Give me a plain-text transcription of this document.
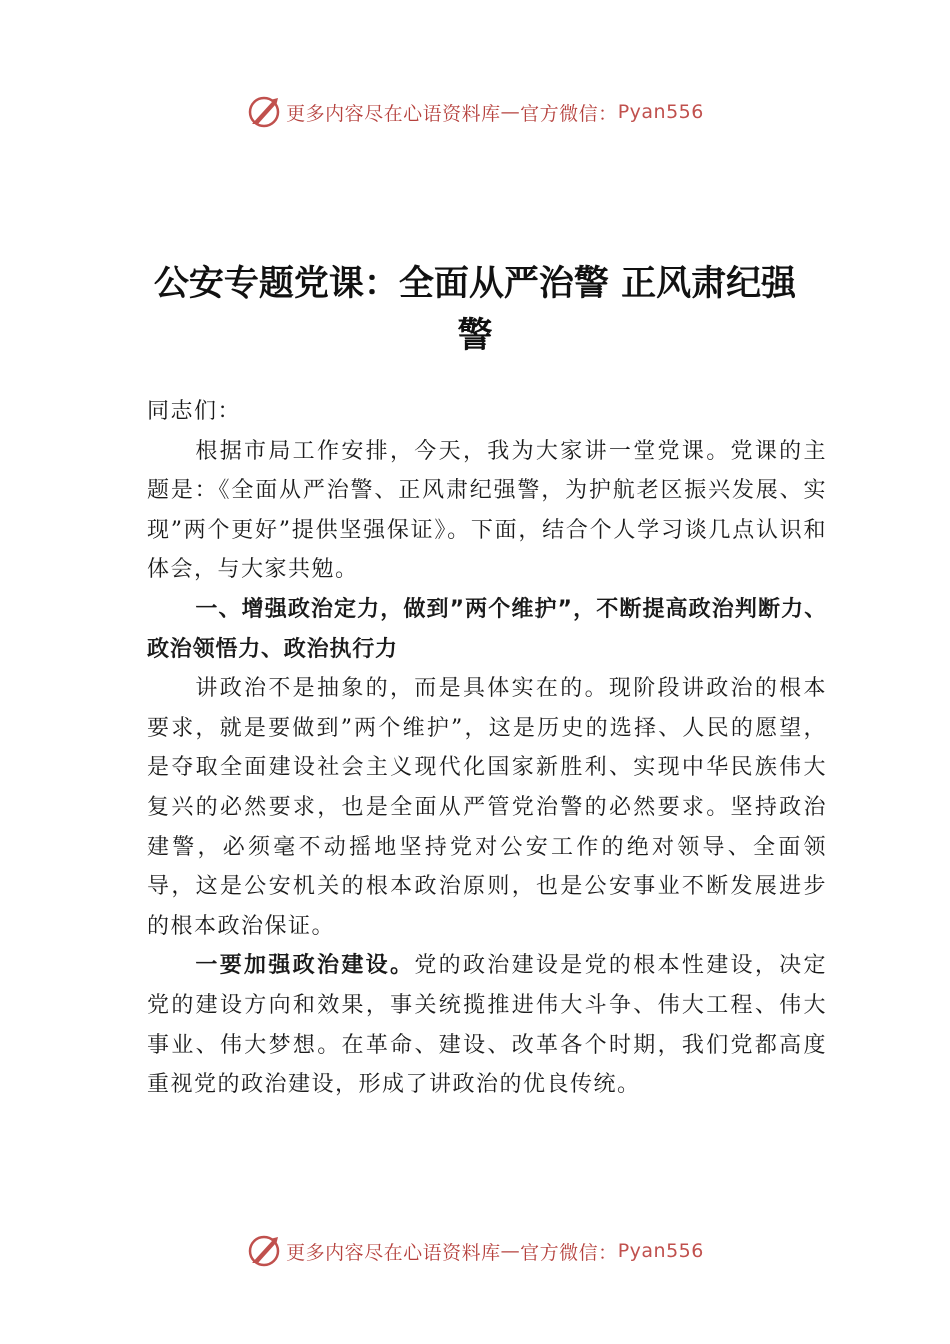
更多内容尽在心语资料库 — 官方微信： Pyan556
公安专题党课：全面从严治警 正风肃纪强警

同志们：

根据市局工作安排，今天，我为大家讲一堂党课。党课的主题是：《全面从严治警、正风肃纪强警，为护航老区振兴发展、实现”两个更好”提供坚强保证》。下面，结合个人学习谈几点认识和体会，与大家共勉。

一、增强政治定力，做到”两个维护”，不断提高政治判断力、政治领悟力、政治执行力

讲政治不是抽象的，而是具体实在的。现阶段讲政治的根本要求，就是要做到”两个维护”，这是历史的选择、人民的愿望，是夺取全面建设社会主义现代化国家新胜利、实现中华民族伟大复兴的必然要求，也是全面从严管党治警的必然要求。坚持政治建警，必须毫不动摇地坚持党对公安工作的绝对领导、全面领导，这是公安机关的根本政治原则，也是公安事业不断发展进步的根本政治保证。

一要加强政治建设。党的政治建设是党的根本性建设，决定党的建设方向和效果，事关统揽推进伟大斗争、伟大工程、伟大事业、伟大梦想。在革命、建设、改革各个时期，我们党都高度重视党的政治建设，形成了讲政治的优良传统。

更多内容尽在心语资料库 — 官方微信： Pyan556
